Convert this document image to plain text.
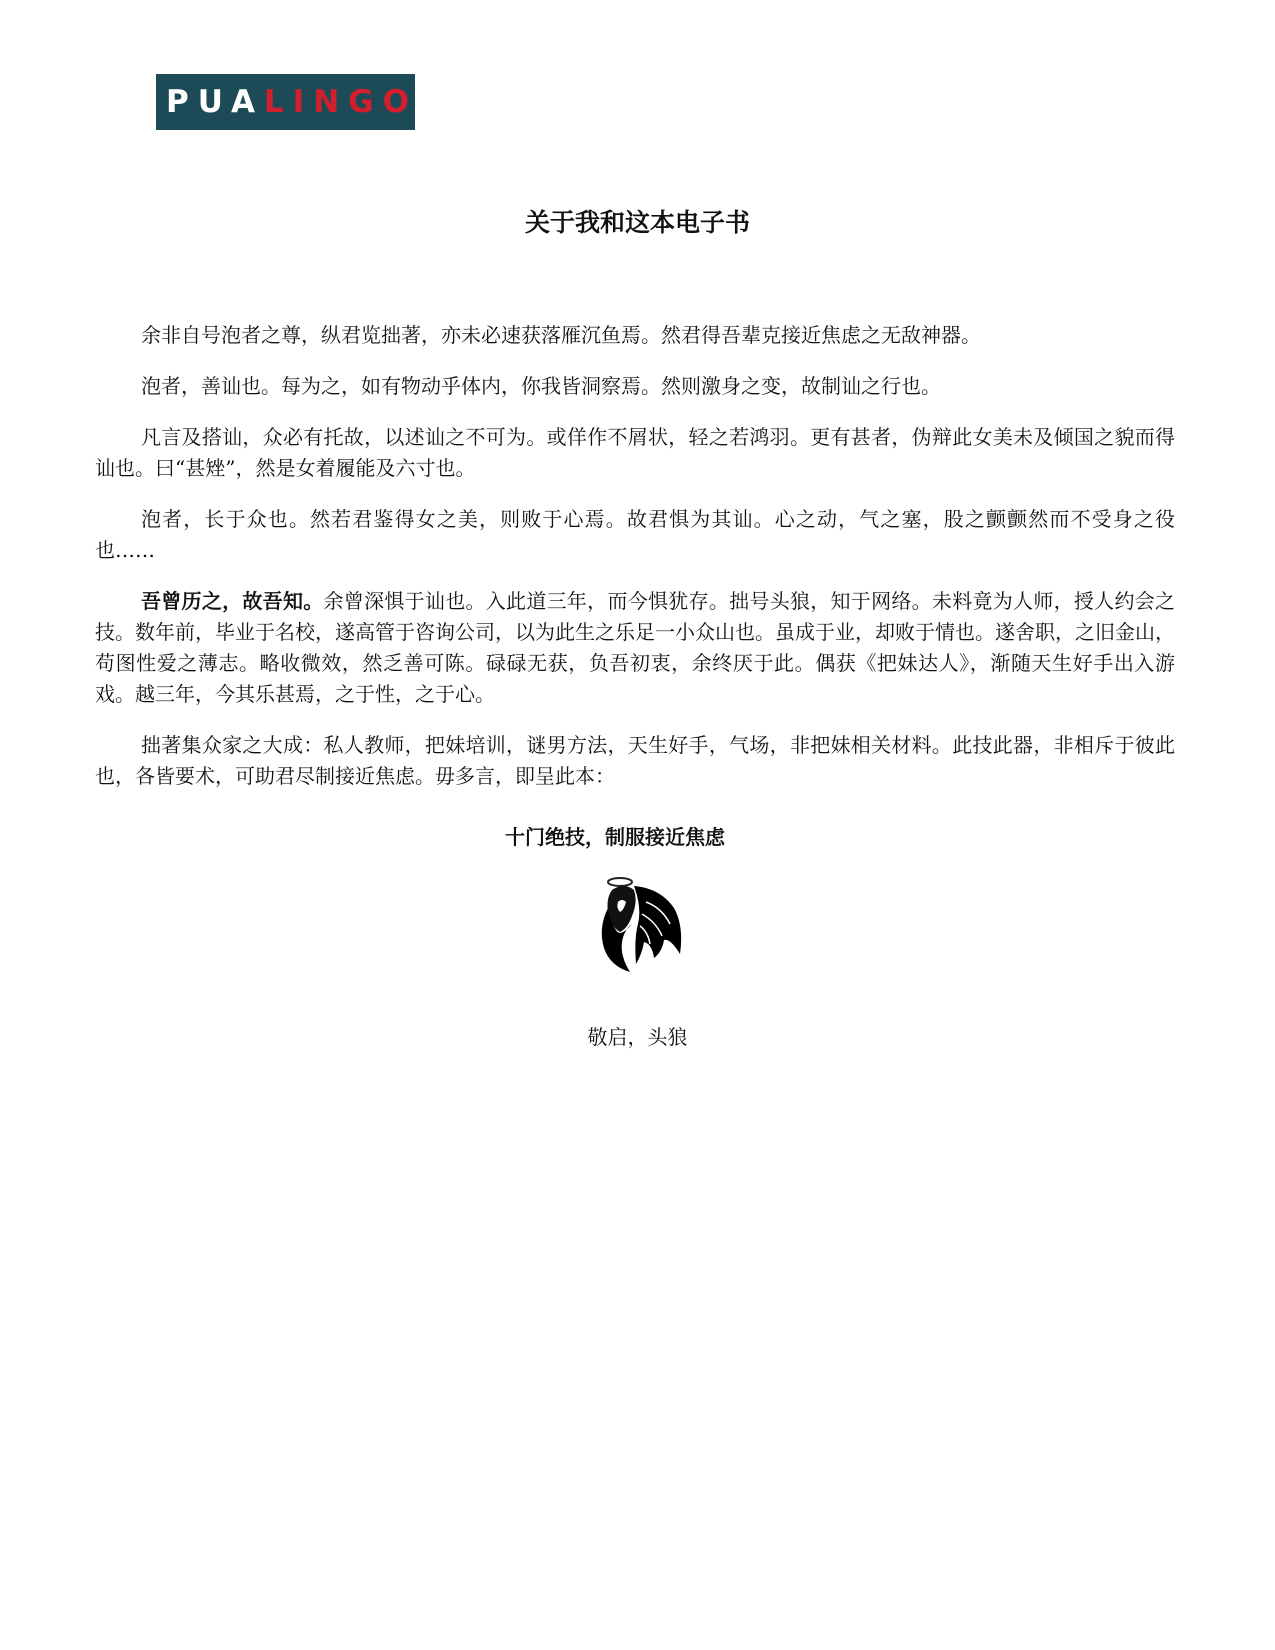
PUA LINGO
关于我和这本电子书

余非自号泡者之尊，纵君览拙著，亦未必速获落雁沉鱼焉。然君得吾辈克接近焦虑之无敌神器。

泡者，善讪也。每为之，如有物动乎体内，你我皆洞察焉。然则激身之变，故制讪之行也。

凡言及搭讪，众必有托故，以述讪之不可为。或佯作不屑状，轻之若鸿羽。更有甚者，伪辩此女美未及倾国之貌而得讪也。曰“甚矬”，然是女着履能及六寸也。

泡者，长于众也。然若君鉴得女之美，则败于心焉。故君惧为其讪。心之动，气之塞，股之颤颤然而不受身之役也……

吾曾历之，故吾知。余曾深惧于讪也。入此道三年，而今惧犹存。拙号头狼，知于网络。未料竟为人师，授人约会之技。数年前，毕业于名校，遂高管于咨询公司，以为此生之乐足一小众山也。虽成于业，却败于情也。遂舍职，之旧金山，苟图性爱之薄志。略收微效，然乏善可陈。碌碌无获，负吾初衷，余终厌于此。偶获《把妹达人》，渐随天生好手出入游戏。越三年，今其乐甚焉，之于性，之于心。

拙著集众家之大成：私人教师，把妹培训，谜男方法，天生好手，气场，非把妹相关材料。此技此器，非相斥于彼此也，各皆要术，可助君尽制接近焦虑。毋多言，即呈此本：

十门绝技，制服接近焦虑

敬启，头狼
